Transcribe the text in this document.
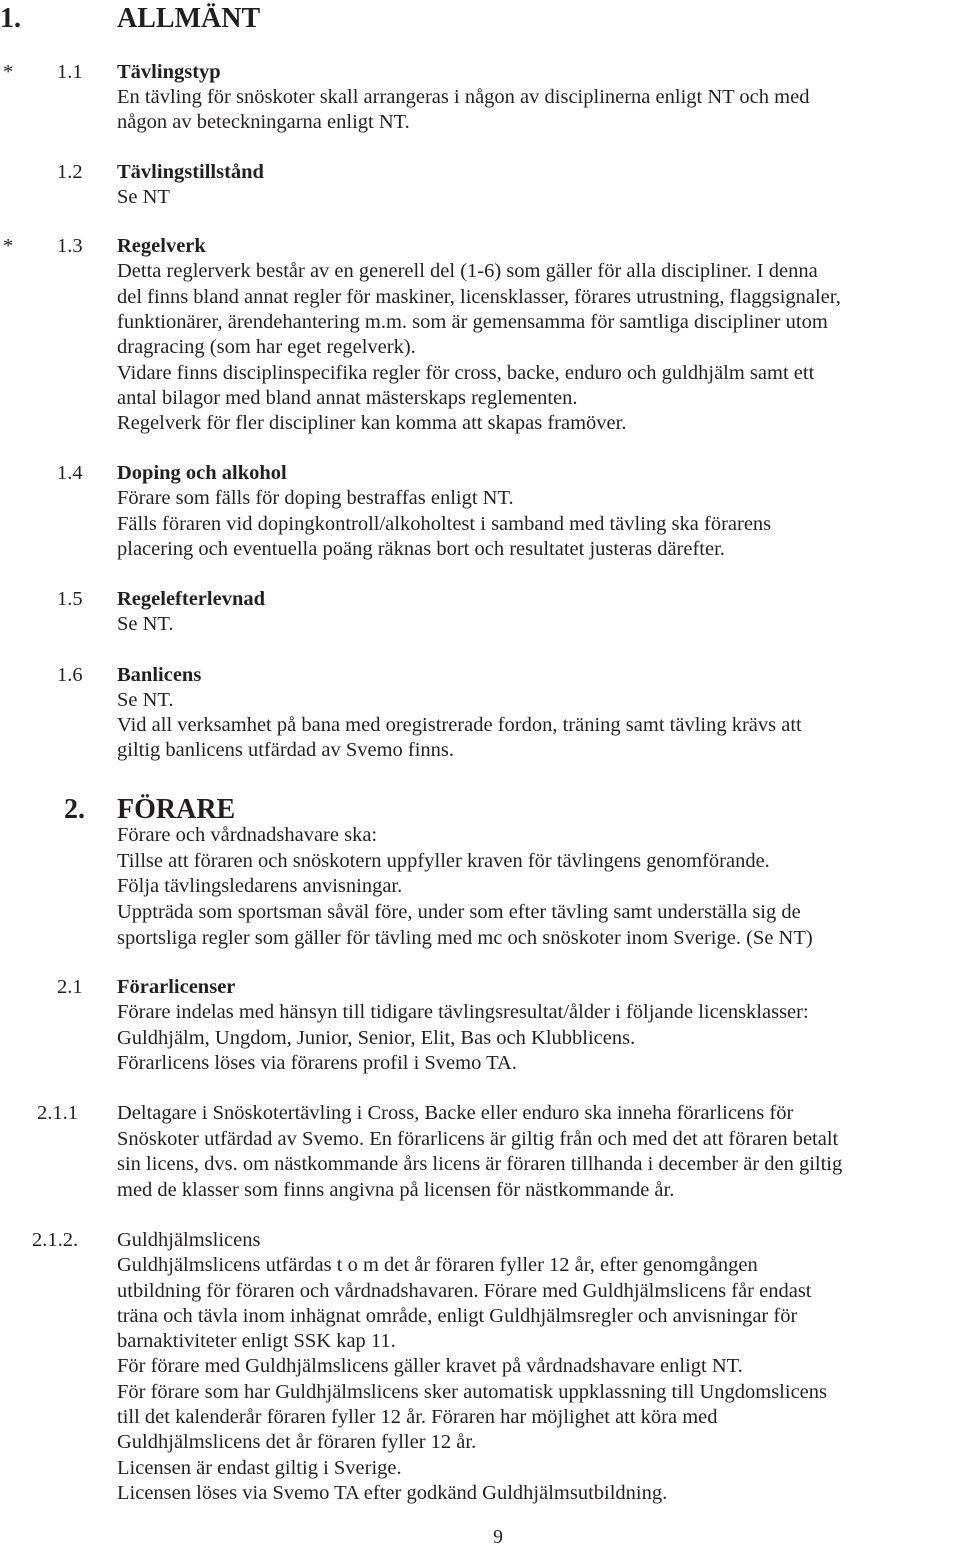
1.	ALLMÄNT
* 1.1 Tävlingstyp
En tävling för snöskoter skall arrangeras i någon av disciplinerna enligt NT och med
någon av beteckningarna enligt NT.
1.2 Tävlingstillstånd
Se NT
* 1.3 Regelverk
Detta reglerverk består av en generell del (1-6) som gäller för alla discipliner. I denna
del finns bland annat regler för maskiner, licensklasser, förares utrustning, flaggsignaler,
funktionärer, ärendehantering m.m. som är gemensamma för samtliga discipliner utom
dragracing (som har eget regelverk).
Vidare finns disciplinspecifika regler för cross, backe, enduro och guldhjälm samt ett
antal bilagor med bland annat mästerskaps reglementen.
Regelverk för fler discipliner kan komma att skapas framöver.
1.4 Doping och alkohol
Förare som fälls för doping bestraffas enligt NT.
Fälls föraren vid dopingkontroll/alkoholtest i samband med tävling ska förarens
placering och eventuella poäng räknas bort och resultatet justeras därefter.
1.5 Regelefterlevnad
Se NT.
1.6 Banlicens
Se NT.
Vid all verksamhet på bana med oregistrerade fordon, träning samt tävling krävs att
giltig banlicens utfärdad av Svemo finns.
2. FÖRARE
Förare och vårdnadshavare ska:
Tillse att föraren och snöskotern uppfyller kraven för tävlingens genomförande.
Följa tävlingsledarens anvisningar.
Uppträda som sportsman såväl före, under som efter tävling samt underställa sig de
sportsliga regler som gäller för tävling med mc och snöskoter inom Sverige. (Se NT)
2.1 Förarlicenser
Förare indelas med hänsyn till tidigare tävlingsresultat/ålder i följande licensklasser:
Guldhjälm, Ungdom, Junior, Senior, Elit, Bas och Klubblicens.
Förarlicens löses via förarens profil i Svemo TA.
2.1.1 Deltagare i Snöskotertävling i Cross, Backe eller enduro ska inneha förarlicens för
Snöskoter utfärdad av Svemo. En förarlicens är giltig från och med det att föraren betalt
sin licens, dvs. om nästkommande års licens är föraren tillhanda i december är den giltig
med de klasser som finns angivna på licensen för nästkommande år.
2.1.2. Guldhjälmslicens
Guldhjälmslicens utfärdas t o m det år föraren fyller 12 år, efter genomgången
utbildning för föraren och vårdnadshavaren. Förare med Guldhjälmslicens får endast
träna och tävla inom inhägnat område, enligt Guldhjälmsregler och anvisningar för
barnaktiviteter enligt SSK kap 11.
För förare med Guldhjälmslicens gäller kravet på vårdnadshavare enligt NT.
För förare som har Guldhjälmslicens sker automatisk uppklassning till Ungdomslicens
till det kalenderår föraren fyller 12 år. Föraren har möjlighet att köra med
Guldhjälmslicens det år föraren fyller 12 år.
Licensen är endast giltig i Sverige.
Licensen löses via Svemo TA efter godkänd Guldhjälmsutbildning.
9
